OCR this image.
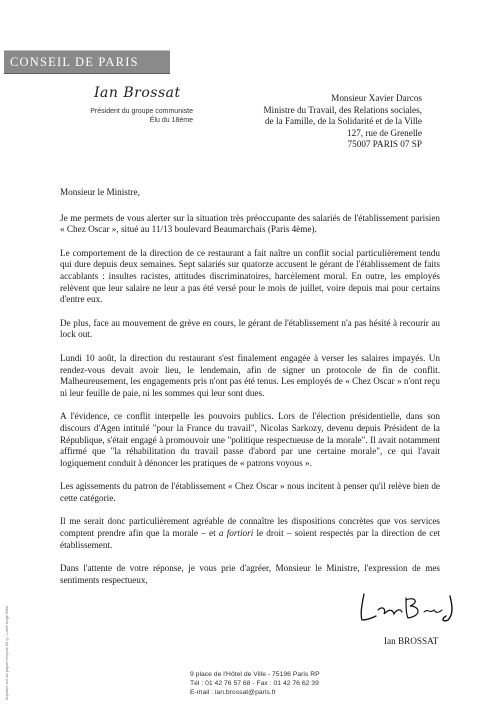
CONSEIL DE PARIS
Ian Brossat
Président du groupe communiste
Élu du 18ème
Monsieur Xavier Darcos
Ministre du Travail, des Relations sociales,
de la Famille, de la Solidarité et de la Ville
127, rue de Grenelle
75007 PARIS 07 SP

Monsieur le Ministre,

Je me permets de vous alerter sur la situation très préoccupante des salariés de l'établissement parisien « Chez Oscar », situé au 11/13 boulevard Beaumarchais (Paris 4ème).

Le comportement de la direction de ce restaurant a fait naître un conflit social particulièrement tendu qui dure depuis deux semaines. Sept salariés sur quatorze accusent le gérant de l'établissement de faits accablants : insultes racistes, attitudes discriminatoires, harcèlement moral. En outre, les employés relèvent que leur salaire ne leur a pas été versé pour le mois de juillet, voire depuis mai pour certains d'entre eux.

De plus, face au mouvement de grève en cours, le gérant de l'établissement n'a pas hésité à recourir au lock out.

Lundi 10 août, la direction du restaurant s'est finalement engagée à verser les salaires impayés. Un rendez-vous devait avoir lieu, le lendemain, afin de signer un protocole de fin de conflit. Malheureusement, les engagements pris n'ont pas été tenus. Les employés de « Chez Oscar » n'ont reçu ni leur feuille de paie, ni les sommes qui leur sont dues.

A l'évidence, ce conflit interpelle les pouvoirs publics. Lors de l'élection présidentielle, dans son discours d'Agen intitulé "pour la France du travail", Nicolas Sarkozy, devenu depuis Président de la République, s'était engagé à promouvoir une "politique respectueuse de la morale". Il avait notamment affirmé que "la réhabilitation du travail passe d'abord par une certaine morale", ce qui l'avait logiquement conduit à dénoncer les pratiques de « patrons voyous ».

Les agissements du patron de l'établissement « Chez Oscar » nous incitent à penser qu'il relève bien de cette catégorie.

Il me serait donc particulièrement agréable de connaître les dispositions concrètes que vos services comptent prendre afin que la morale – et a fortiori le droit – soient respectés par la direction de cet établissement.

Dans l'attente de votre réponse, je vous prie d'agréer, Monsieur le Ministre, l'expression de mes sentiments respectueux,

Ian BROSSAT
Imprimé sur du papier recyclé 90 g - Label Ange Bleu	9 place de l'Hôtel de Ville - 75196 Paris RP
Tél : 01 42 76 57 68 - Fax : 01 42 76 62 39
E-mail : ian.brossat@paris.fr
